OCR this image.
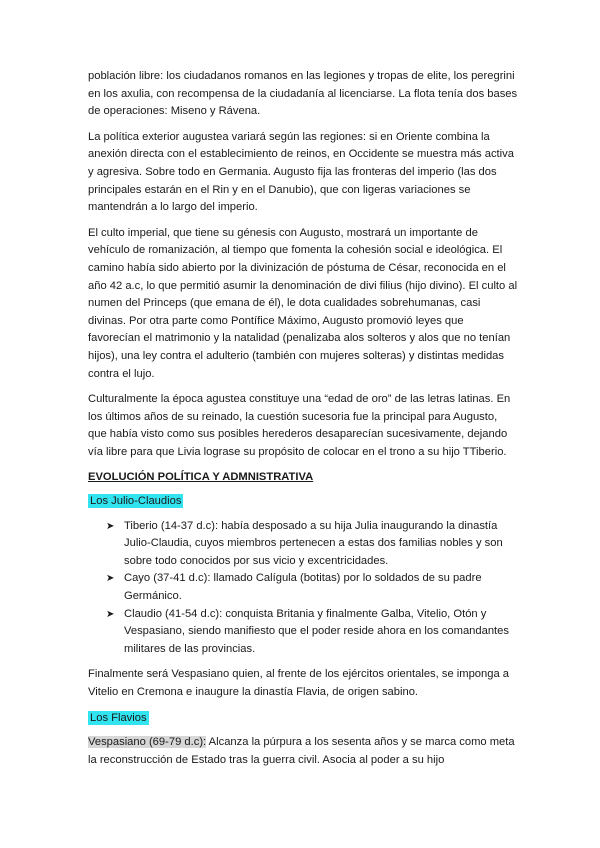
población libre: los ciudadanos romanos en las legiones y tropas de elite, los peregrini en los axulia, con recompensa de la ciudadanía al licenciarse. La flota tenía dos bases de operaciones: Miseno y Rávena.

La política exterior augustea variará según las regiones: si en Oriente combina la anexión directa con el establecimiento de reinos, en Occidente se muestra más activa y agresiva. Sobre todo en Germania. Augusto fija las fronteras del imperio (las dos principales estarán en el Rin y en el Danubio), que con ligeras variaciones se mantendrán a lo largo del imperio.

El culto imperial, que tiene su génesis con Augusto, mostrará un importante de vehículo de romanización, al tiempo que fomenta la cohesión social e ideológica. El camino había sido abierto por la divinización de póstuma de César, reconocida en el año 42 a.c, lo que permitió asumir la denominación de divi filius (hijo divino). El culto al numen del Princeps (que emana de él), le dota cualidades sobrehumanas, casi divinas. Por otra parte como Pontífice Máximo, Augusto promovió leyes que favorecían el matrimonio y la natalidad (penalizaba alos solteros y alos que no tenían hijos), una ley contra el adulterio (también con mujeres solteras) y distintas medidas contra el lujo.

Culturalmente la época agustea constituye una “edad de oro” de las letras latinas. En los últimos años de su reinado, la cuestión sucesoria fue la principal para Augusto, que había visto como sus posibles herederos desaparecían sucesivamente, dejando vía libre para que Livia lograse su propósito de colocar en el trono a su hijo TTiberio.

EVOLUCIÓN POLÍTICA Y ADMNISTRATIVA
Los Julio-Claudios
➤ Tiberio (14-37 d.c): había desposado a su hija Julia inaugurando la dinastía Julio-Claudia, cuyos miembros pertenecen a estas dos familias nobles y son sobre todo conocidos por sus vicio y excentricidades.
➤ Cayo (37-41 d.c): llamado Calígula (botitas) por lo soldados de su padre Germánico.
➤ Claudio (41-54 d.c): conquista Britania y finalmente Galba, Vitelio, Otón y Vespasiano, siendo manifiesto que el poder reside ahora en los comandantes militares de las provincias.

Finalmente será Vespasiano quien, al frente de los ejércitos orientales, se imponga a Vitelio en Cremona e inaugure la dinastía Flavia, de origen sabino.

Los Flavios

Vespasiano (69-79 d.c): Alcanza la púrpura a los sesenta años y se marca como meta la reconstrucción de Estado tras la guerra civil. Asocia al poder a su hijo
